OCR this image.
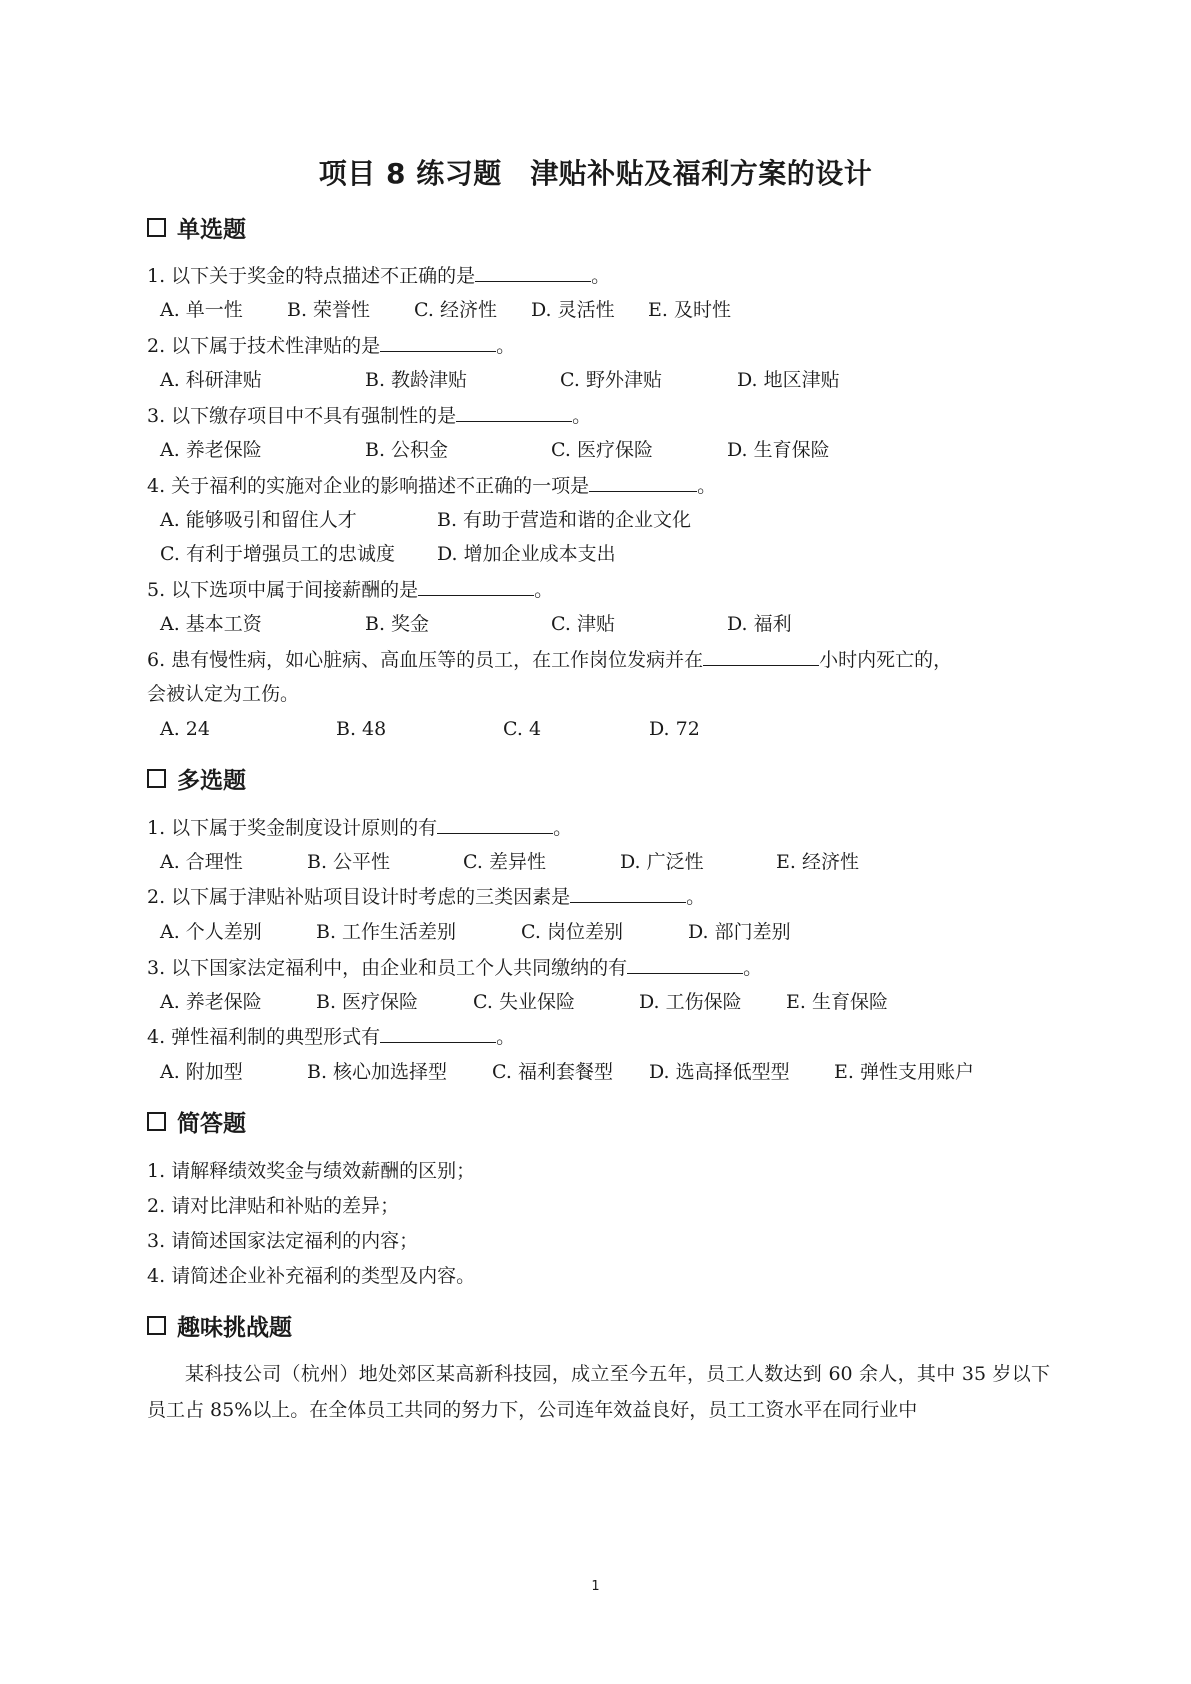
项目 8 练习题　津贴补贴及福利方案的设计
单选题
1. 以下关于奖金的特点描述不正确的是	。
A. 单一性 B. 荣誉性 C. 经济性 D. 灵活性 E. 及时性
2. 以下属于技术性津贴的是	。
A. 科研津贴	B. 教龄津贴	C. 野外津贴	D. 地区津贴
3. 以下缴存项目中不具有强制性的是	。
A. 养老保险	B. 公积金	C. 医疗保险	D. 生育保险
4. 关于福利的实施对企业的影响描述不正确的一项是	。
A. 能够吸引和留住人才	B. 有助于营造和谐的企业文化
C. 有利于增强员工的忠诚度 D. 增加企业成本支出
5. 以下选项中属于间接薪酬的是	。
A. 基本工资	B. 奖金	C. 津贴	D. 福利
6. 患有慢性病，如心脏病、高血压等的员工，在工作岗位发病并在	小时内死亡的，
会被认定为工伤。
A. 24	B. 48	C. 4	D. 72
多选题
1. 以下属于奖金制度设计原则的有	。
A. 合理性	B. 公平性	C. 差异性	D. 广泛性	E. 经济性
2. 以下属于津贴补贴项目设计时考虑的三类因素是	。
A. 个人差别	B. 工作生活差别	C. 岗位差别	D. 部门差别
3. 以下国家法定福利中，由企业和员工个人共同缴纳的有	。
A. 养老保险	B. 医疗保险	C. 失业保险	D. 工伤保险 E. 生育保险
4. 弹性福利制的典型形式有	。
A. 附加型	B. 核心加选择型 C. 福利套餐型 D. 选高择低型型 E. 弹性支用账户
简答题
1. 请解释绩效奖金与绩效薪酬的区别；
2. 请对比津贴和补贴的差异；
3. 请简述国家法定福利的内容；
4. 请简述企业补充福利的类型及内容。
趣味挑战题
某科技公司（杭州）地处郊区某高新科技园，成立至今五年，员工人数达到 60 余人，其中 35 岁以下员工占 85%以上。在全体员工共同的努力下，公司连年效益良好，员工工资水平在同行业中
1
